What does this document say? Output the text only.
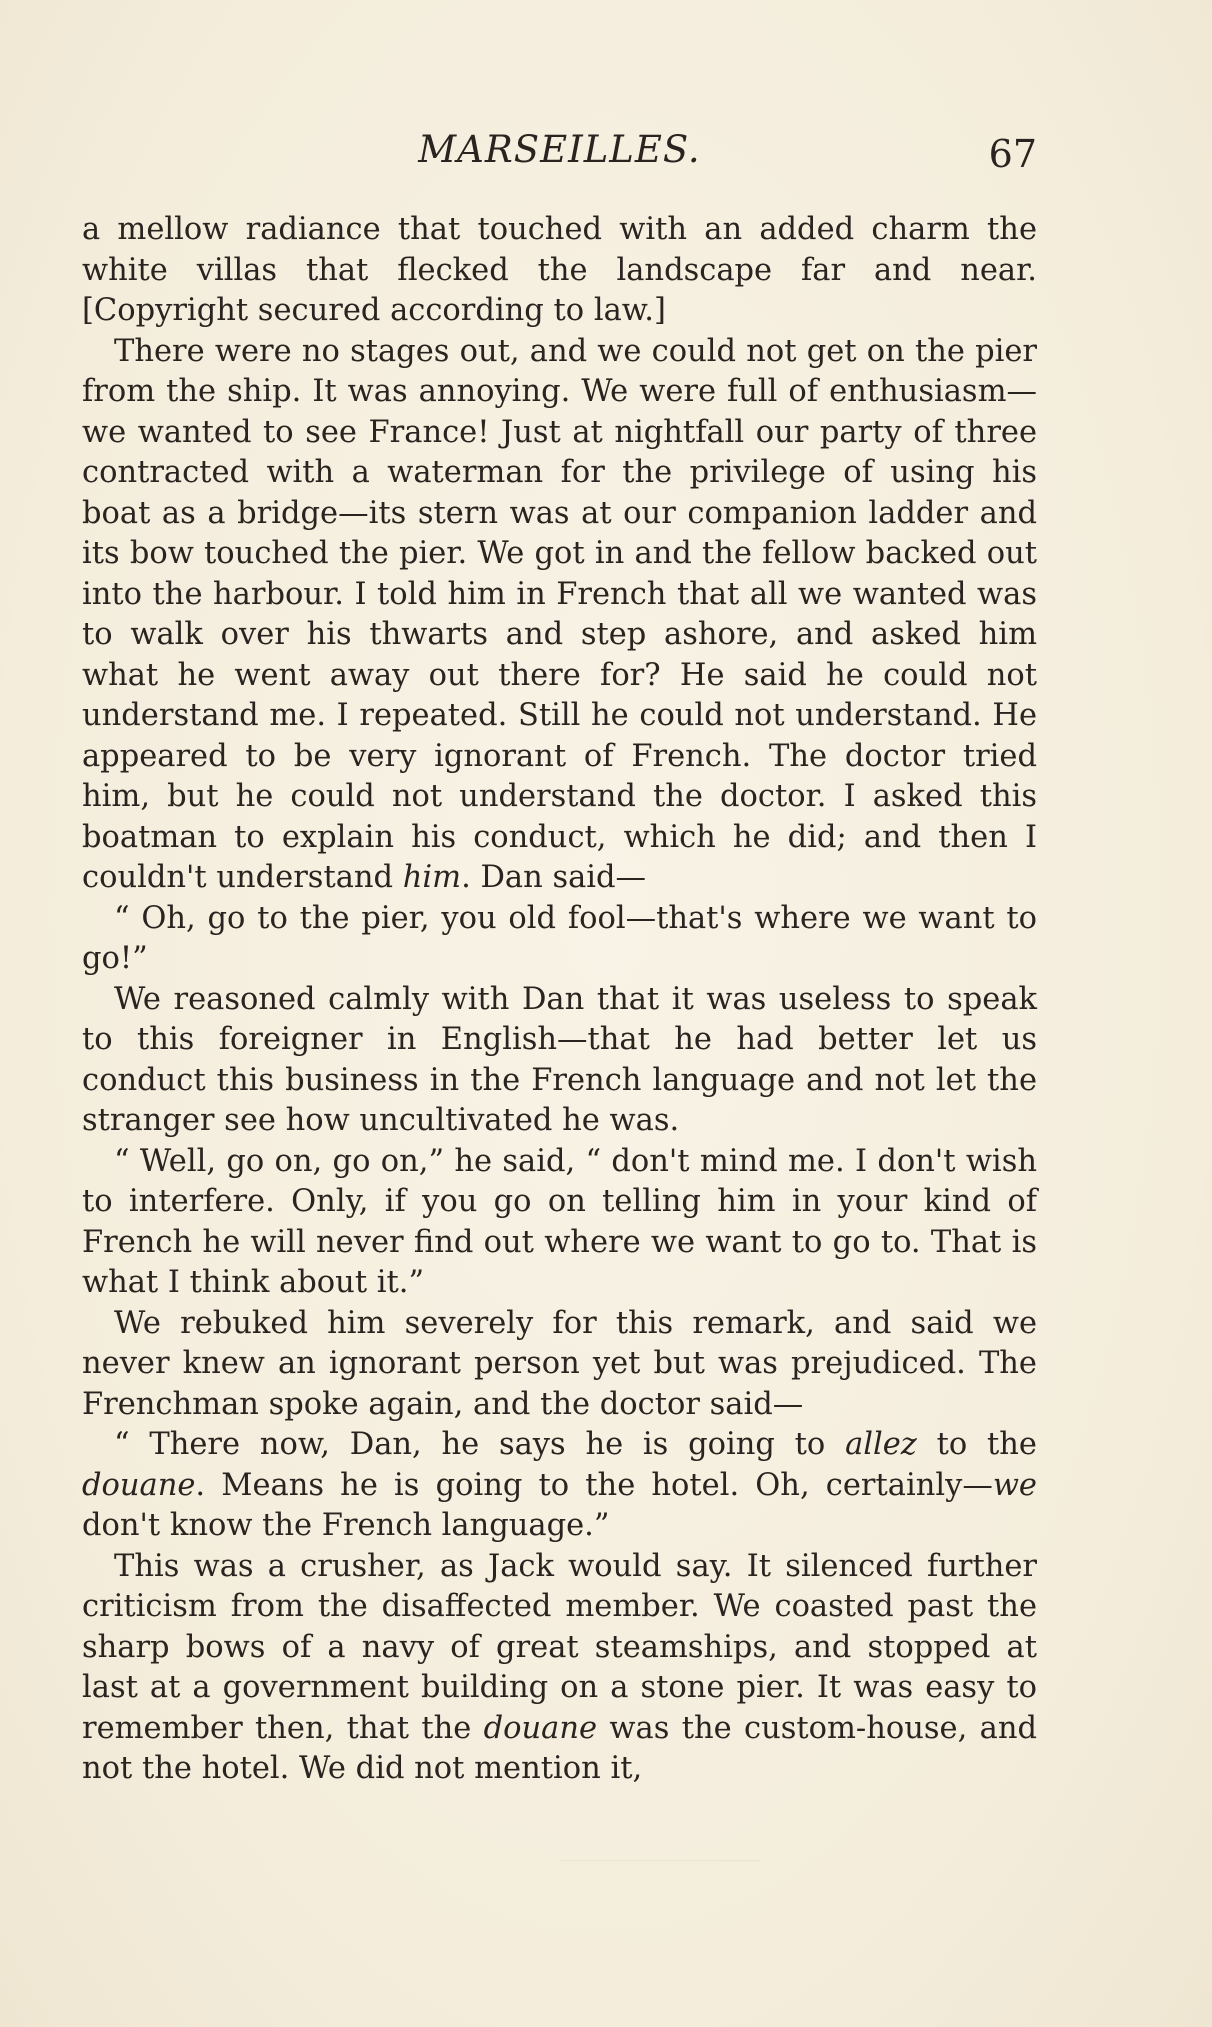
MARSEILLES.	67

a mellow radiance that touched with an added charm the white villas that flecked the landscape far and near. [Copyright secured according to law.]

There were no stages out, and we could not get on the pier from the ship. It was annoying. We were full of enthusiasm—we wanted to see France! Just at nightfall our party of three contracted with a waterman for the privilege of using his boat as a bridge—its stern was at our companion ladder and its bow touched the pier. We got in and the fellow backed out into the harbour. I told him in French that all we wanted was to walk over his thwarts and step ashore, and asked him what he went away out there for? He said he could not understand me. I repeated. Still he could not understand. He appeared to be very ignorant of French. The doctor tried him, but he could not understand the doctor. I asked this boatman to explain his conduct, which he did; and then I couldn't understand him. Dan said—

“ Oh, go to the pier, you old fool—that's where we want to go!”

We reasoned calmly with Dan that it was useless to speak to this foreigner in English—that he had better let us conduct this business in the French language and not let the stranger see how uncultivated he was.

“ Well, go on, go on,” he said, “ don't mind me. I don't wish to interfere. Only, if you go on telling him in your kind of French he will never find out where we want to go to. That is what I think about it.”

We rebuked him severely for this remark, and said we never knew an ignorant person yet but was prejudiced. The Frenchman spoke again, and the doctor said—

“ There now, Dan, he says he is going to allez to the douane. Means he is going to the hotel. Oh, certainly—we don't know the French language.”

This was a crusher, as Jack would say. It silenced further criticism from the disaffected member. We coasted past the sharp bows of a navy of great steamships, and stopped at last at a government building on a stone pier. It was easy to remember then, that the douane was the custom-house, and not the hotel. We did not mention it,
